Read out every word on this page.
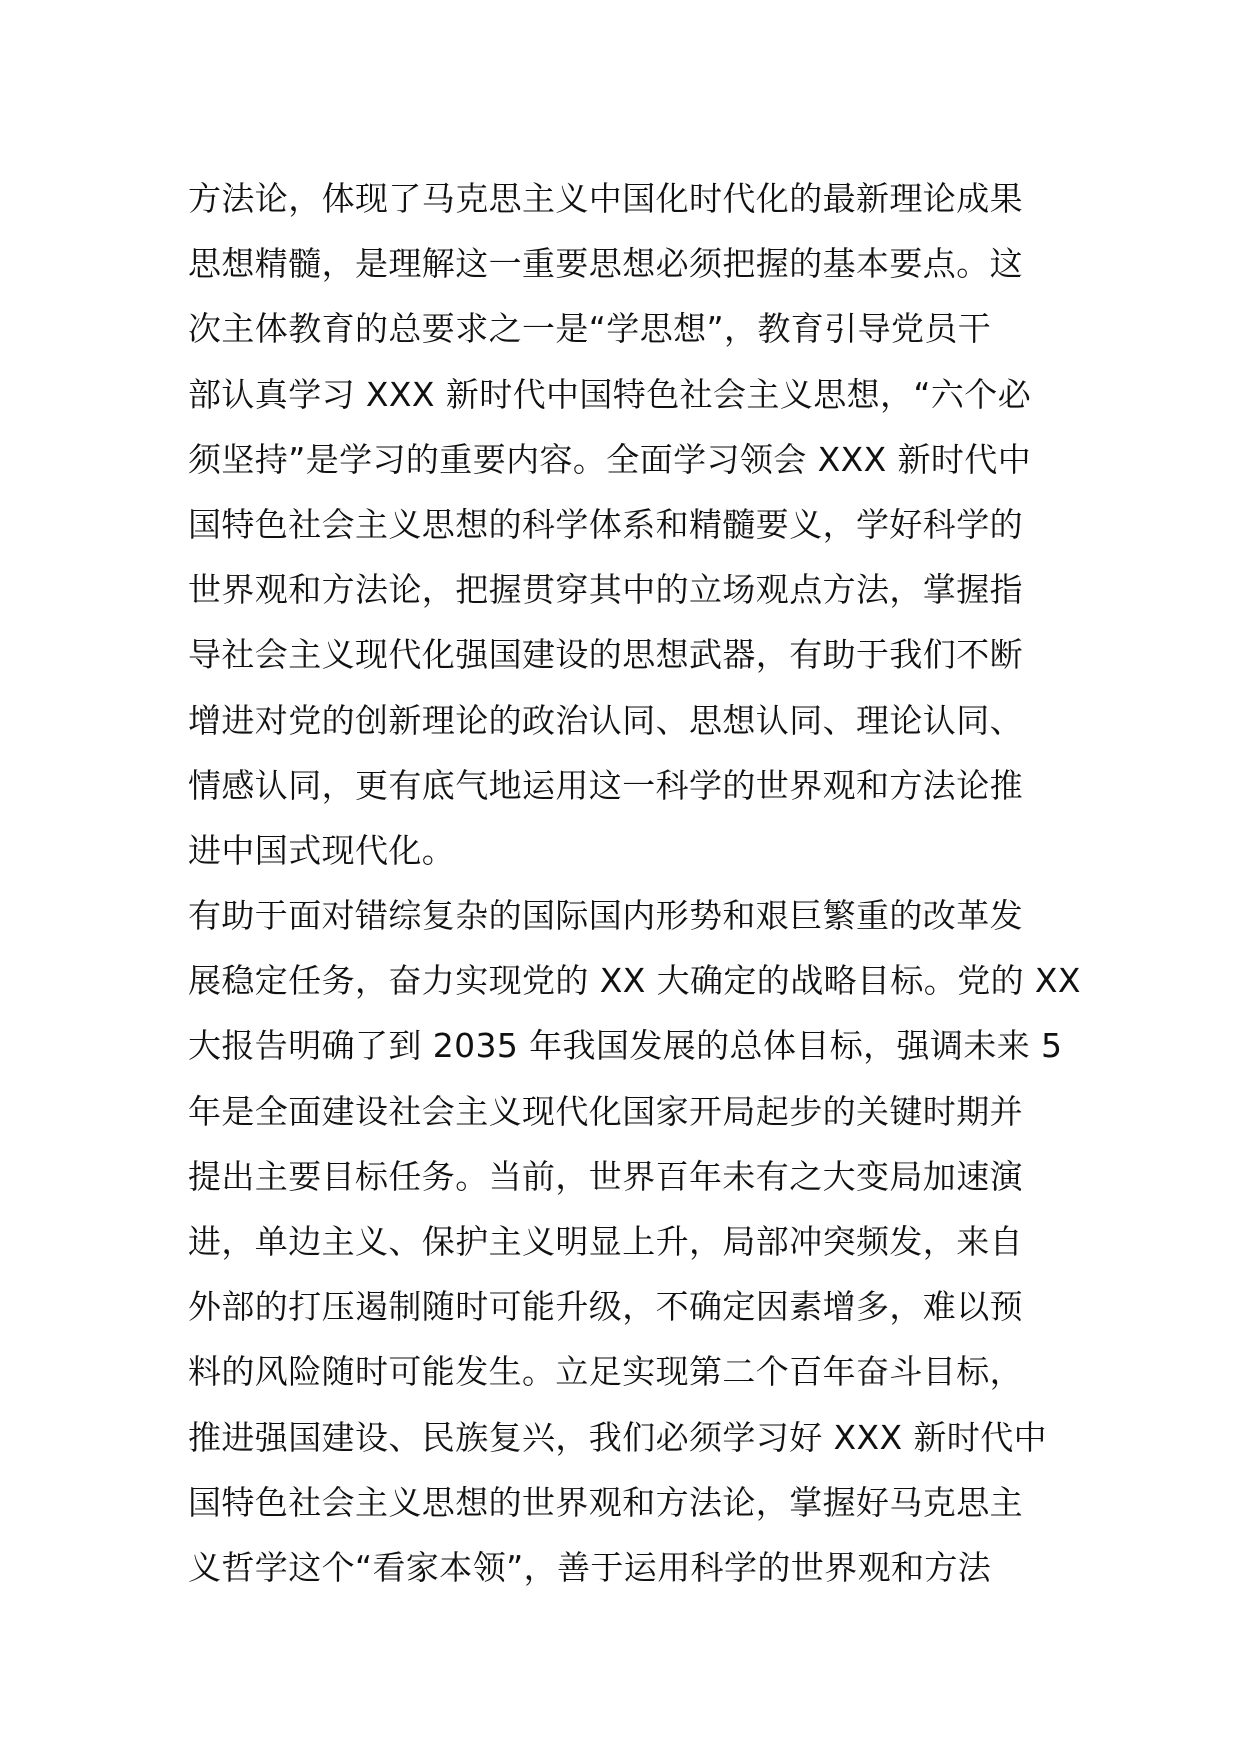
方法论，体现了马克思主义中国化时代化的最新理论成果
思想精髓，是理解这一重要思想必须把握的基本要点。这
次主体教育的总要求之一是“学思想”，教育引导党员干
部认真学习 XXX 新时代中国特色社会主义思想，“六个必
须坚持”是学习的重要内容。全面学习领会 XXX 新时代中
国特色社会主义思想的科学体系和精髓要义，学好科学的
世界观和方法论，把握贯穿其中的立场观点方法，掌握指
导社会主义现代化强国建设的思想武器，有助于我们不断
增进对党的创新理论的政治认同、思想认同、理论认同、
情感认同，更有底气地运用这一科学的世界观和方法论推
进中国式现代化。
有助于面对错综复杂的国际国内形势和艰巨繁重的改革发
展稳定任务，奋力实现党的 XX 大确定的战略目标。党的 XX
大报告明确了到 2035 年我国发展的总体目标，强调未来 5
年是全面建设社会主义现代化国家开局起步的关键时期并
提出主要目标任务。当前，世界百年未有之大变局加速演
进，单边主义、保护主义明显上升，局部冲突频发，来自
外部的打压遏制随时可能升级，不确定因素增多，难以预
料的风险随时可能发生。立足实现第二个百年奋斗目标，
推进强国建设、民族复兴，我们必须学习好 XXX 新时代中
国特色社会主义思想的世界观和方法论，掌握好马克思主
义哲学这个“看家本领”，善于运用科学的世界观和方法
